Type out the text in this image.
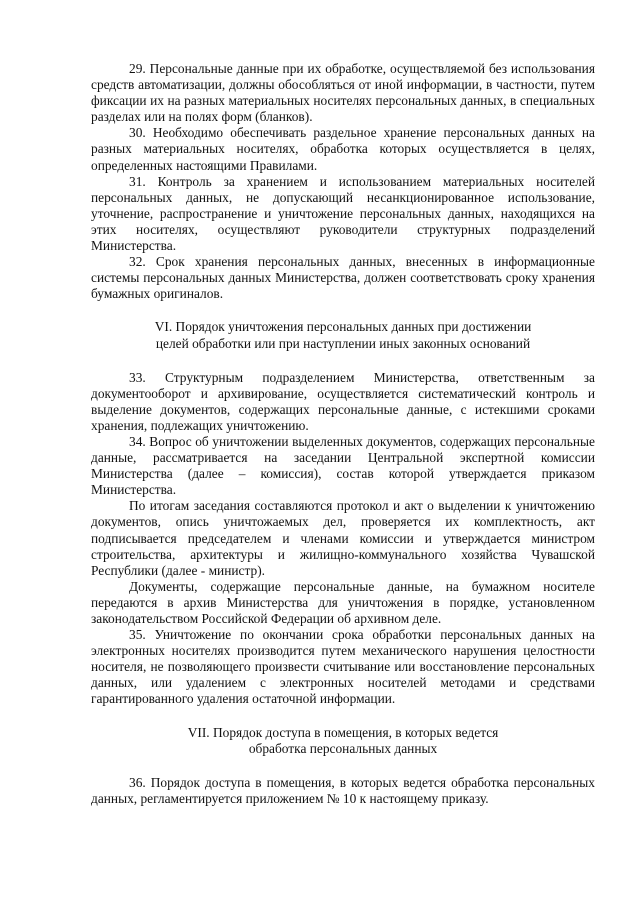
29. Персональные данные при их обработке, осуществляемой без использования средств автоматизации, должны обособляться от иной информации, в частности, путем фиксации их на разных материальных носителях персональных данных, в специальных разделах или на полях форм (бланков).

30. Необходимо обеспечивать раздельное хранение персональных данных на разных материальных носителях, обработка которых осуществляется в целях, определенных настоящими Правилами.

31. Контроль за хранением и использованием материальных носителей персональных данных, не допускающий несанкционированное использование, уточнение, распространение и уничтожение персональных данных, находящихся на этих носителях, осуществляют руководители структурных подразделений Министерства.

32. Срок хранения персональных данных, внесенных в информационные системы персональных данных Министерства, должен соответствовать сроку хранения бумажных оригиналов.

VI. Порядок уничтожения персональных данных при достижении
целей обработки или при наступлении иных законных оснований

33. Структурным подразделением Министерства, ответственным за документооборот и архивирование, осуществляется систематический контроль и выделение документов, содержащих персональные данные, с истекшими сроками хранения, подлежащих уничтожению.

34. Вопрос об уничтожении выделенных документов, содержащих персональные данные, рассматривается на заседании Центральной экспертной комиссии Министерства (далее – комиссия), состав которой утверждается приказом Министерства.

По итогам заседания составляются протокол и акт о выделении к уничтожению документов, опись уничтожаемых дел, проверяется их комплектность, акт подписывается председателем и членами комиссии и утверждается министром строительства, архитектуры и жилищно-коммунального хозяйства Чувашской Республики (далее - министр).

Документы, содержащие персональные данные, на бумажном носителе передаются в архив Министерства для уничтожения в порядке, установленном законодательством Российской Федерации об архивном деле.

35. Уничтожение по окончании срока обработки персональных данных на электронных носителях производится путем механического нарушения целостности носителя, не позволяющего произвести считывание или восстановление персональных данных, или удалением с электронных носителей методами и средствами гарантированного удаления остаточной информации.

VII. Порядок доступа в помещения, в которых ведется
обработка персональных данных

36. Порядок доступа в помещения, в которых ведется обработка персональных данных, регламентируется приложением № 10 к настоящему приказу.
